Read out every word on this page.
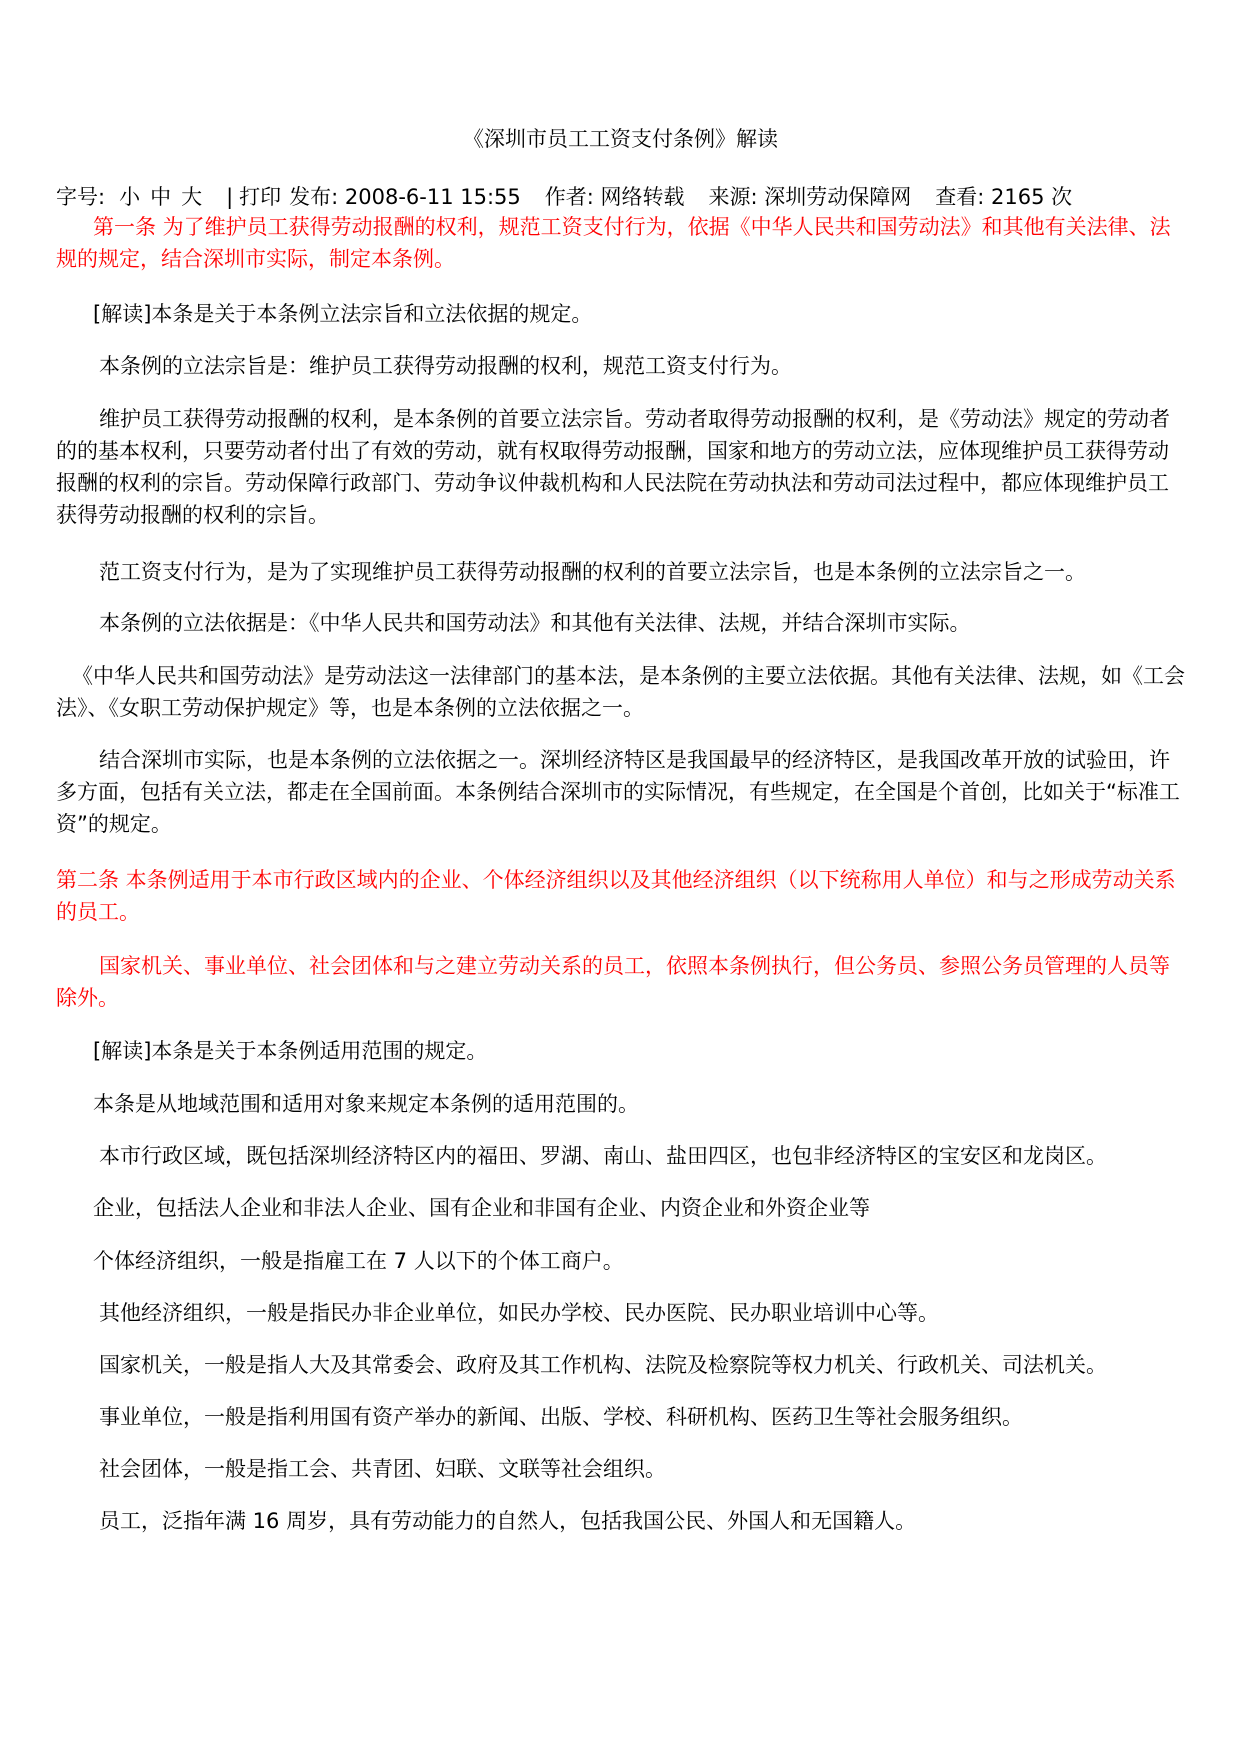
《深圳市员工工资支付条例》解读
字号: 小 中 大 | 打印 发布: 2008-6-11 15:55 作者: 网络转载 来源: 深圳劳动保障网 查看: 2165 次

第一条 为了维护员工获得劳动报酬的权利，规范工资支付行为，依据《中华人民共和国劳动法》和其他有关法律、法规的规定，结合深圳市实际，制定本条例。

[解读]本条是关于本条例立法宗旨和立法依据的规定。

本条例的立法宗旨是：维护员工获得劳动报酬的权利，规范工资支付行为。

维护员工获得劳动报酬的权利，是本条例的首要立法宗旨。劳动者取得劳动报酬的权利，是《劳动法》规定的劳动者的的基本权利，只要劳动者付出了有效的劳动，就有权取得劳动报酬，国家和地方的劳动立法，应体现维护员工获得劳动报酬的权利的宗旨。劳动保障行政部门、劳动争议仲裁机构和人民法院在劳动执法和劳动司法过程中，都应体现维护员工获得劳动报酬的权利的宗旨。

范工资支付行为，是为了实现维护员工获得劳动报酬的权利的首要立法宗旨，也是本条例的立法宗旨之一。

本条例的立法依据是：《中华人民共和国劳动法》和其他有关法律、法规，并结合深圳市实际。

《中华人民共和国劳动法》是劳动法这一法律部门的基本法，是本条例的主要立法依据。其他有关法律、法规，如《工会法》、《女职工劳动保护规定》等，也是本条例的立法依据之一。

结合深圳市实际，也是本条例的立法依据之一。深圳经济特区是我国最早的经济特区，是我国改革开放的试验田，许多方面，包括有关立法，都走在全国前面。本条例结合深圳市的实际情况，有些规定，在全国是个首创，比如关于“标准工资”的规定。

第二条 本条例适用于本市行政区域内的企业、个体经济组织以及其他经济组织（以下统称用人单位）和与之形成劳动关系的员工。

国家机关、事业单位、社会团体和与之建立劳动关系的员工，依照本条例执行，但公务员、参照公务员管理的人员等除外。

[解读]本条是关于本条例适用范围的规定。

本条是从地域范围和适用对象来规定本条例的适用范围的。

本市行政区域，既包括深圳经济特区内的福田、罗湖、南山、盐田四区，也包非经济特区的宝安区和龙岗区。

企业，包括法人企业和非法人企业、国有企业和非国有企业、内资企业和外资企业等

个体经济组织，一般是指雇工在 7 人以下的个体工商户。

其他经济组织，一般是指民办非企业单位，如民办学校、民办医院、民办职业培训中心等。

国家机关，一般是指人大及其常委会、政府及其工作机构、法院及检察院等权力机关、行政机关、司法机关。

事业单位，一般是指利用国有资产举办的新闻、出版、学校、科研机构、医药卫生等社会服务组织。

社会团体，一般是指工会、共青团、妇联、文联等社会组织。

员工，泛指年满 16 周岁，具有劳动能力的自然人，包括我国公民、外国人和无国籍人。
